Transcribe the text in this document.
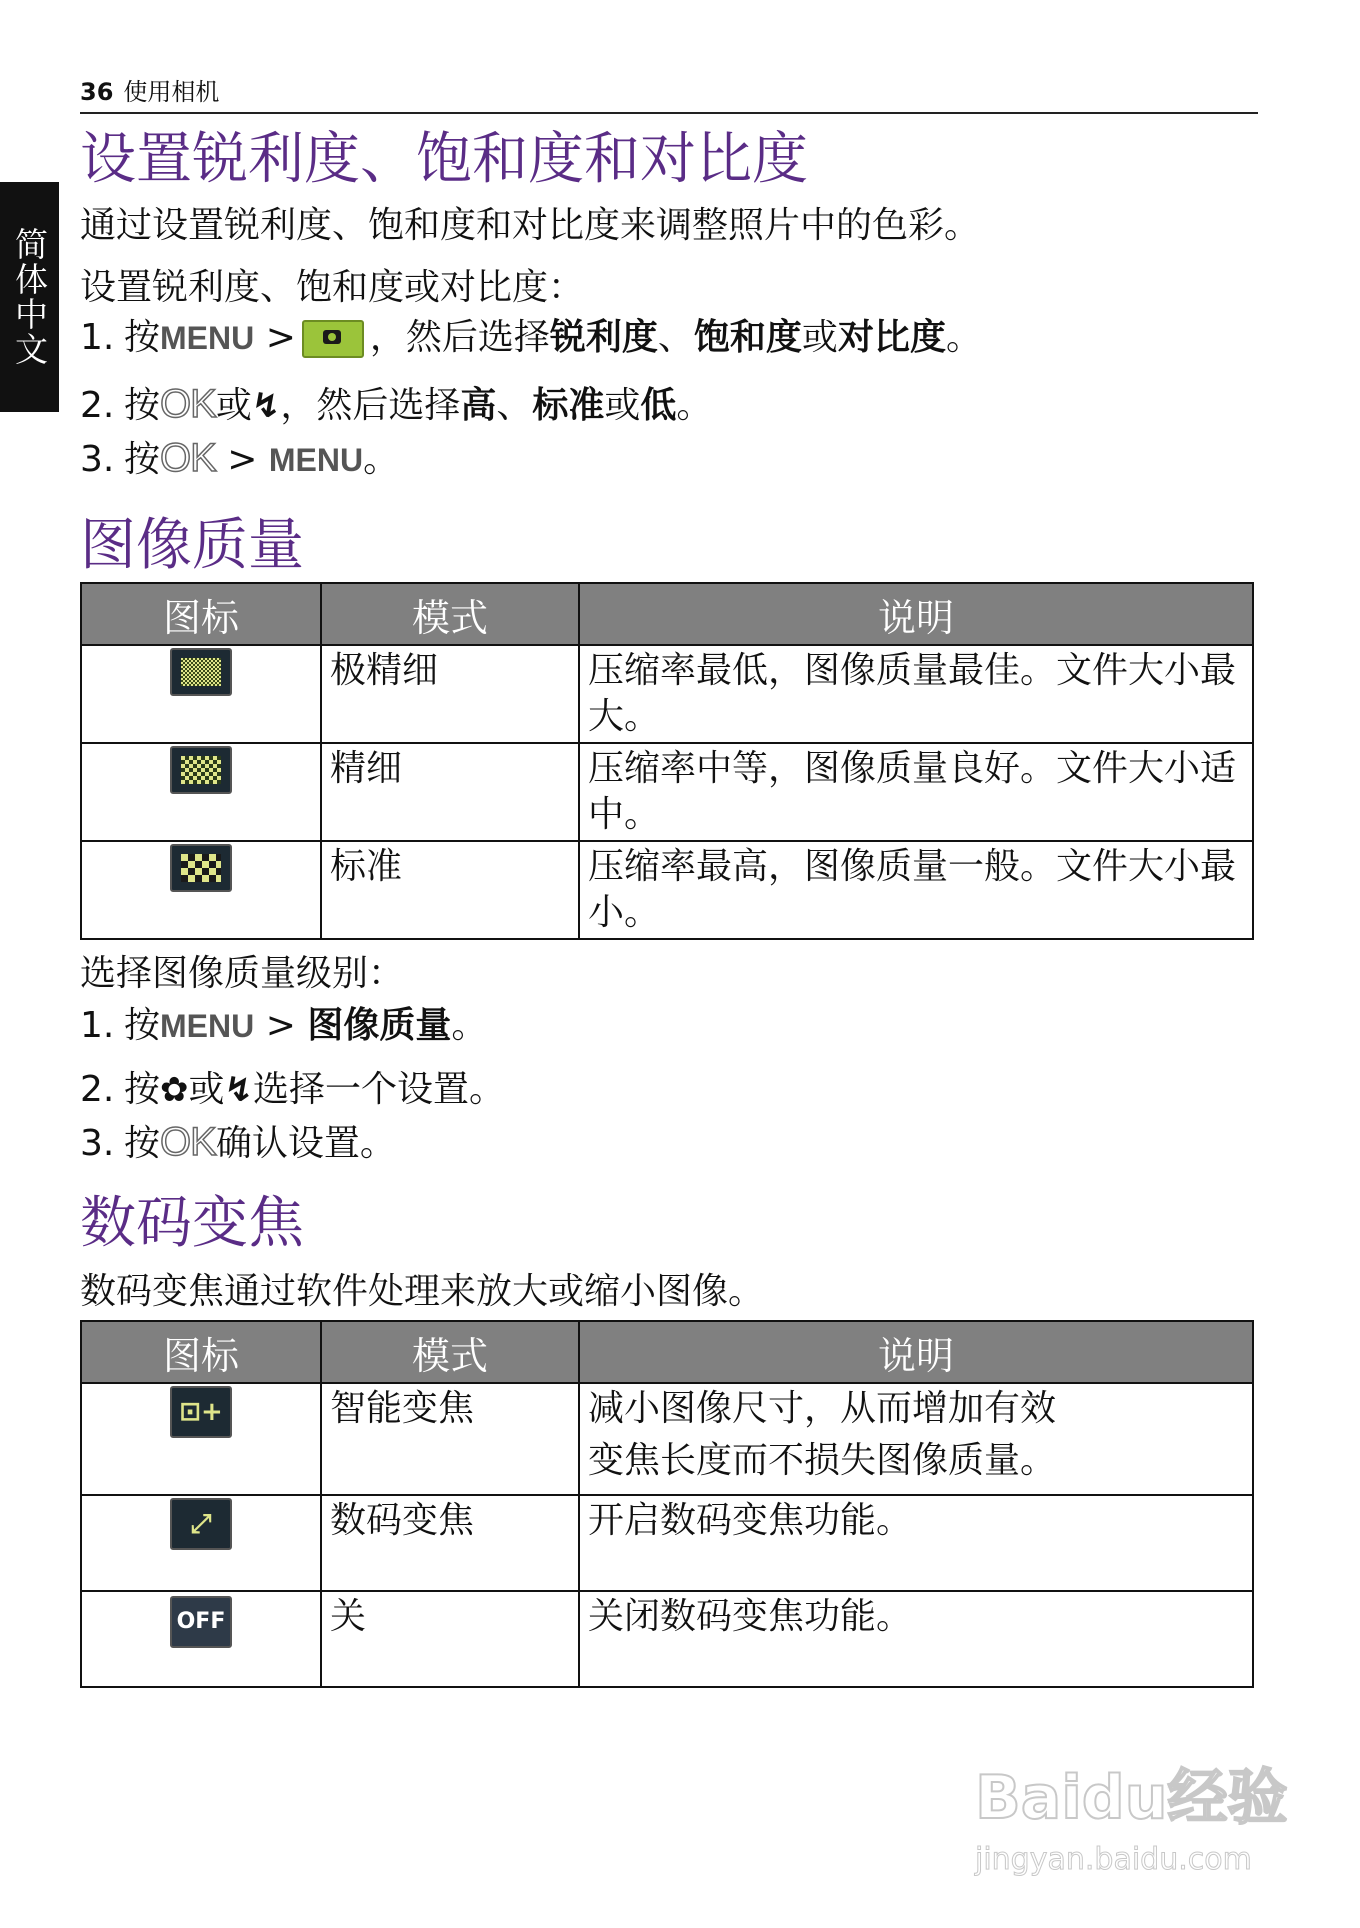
36 使用相机
简体中文
设置锐利度、饱和度和对比度
通过设置锐利度、饱和度和对比度来调整照片中的色彩。
设置锐利度、饱和度或对比度：
1. 按MENU > ，然后选择锐利度、饱和度或对比度。
2. 按OK或↯，然后选择高、标准或低。
3. 按OK > MENU。
图像质量
图标	模式	说明

	极精细	压缩率最低，图像质量最佳。文件大小最大。

	精细	压缩率中等，图像质量良好。文件大小适中。

	标准	压缩率最高，图像质量一般。文件大小最小。
选择图像质量级别：
1. 按MENU > 图像质量。
2. 按✿或↯选择一个设置。
3. 按OK确认设置。
数码变焦
数码变焦通过软件处理来放大或缩小图像。
图标	模式	说明
⊡+	智能变焦	减小图像尺寸，从而增加有效
变焦长度而不损失图像质量。

⤢	数码变焦	开启数码变焦功能。
OFF	关	关闭数码变焦功能。
Baidu经验
jingyan.baidu.com
